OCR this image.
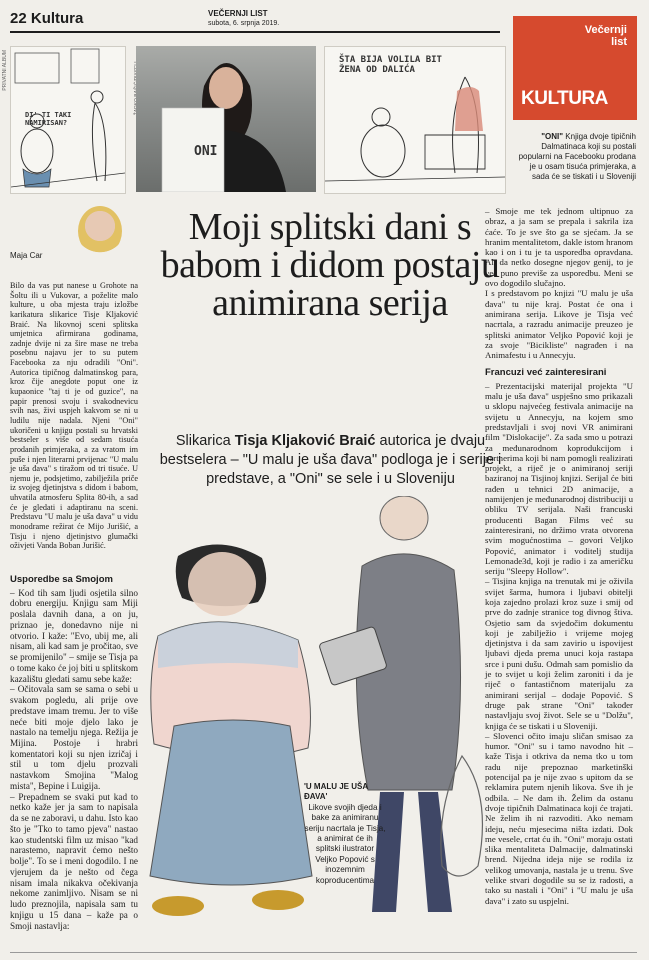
22 Kultura	VEČERNJI LIST
subota, 6. srpnja 2019.
Večernji list
KULTURA
PRIVATNI ALBUM
DI' TI TAKI NAMIRISAN?
ONI
ŠTA BIJA VOLILA BIT ŽENA OD DALIĆA
"ONI" Knjiga dvoje tipičnih Dalmatinaca koji su postali popularni na Facebooku prodana je u osam tisuća primjeraka, a sada će se tiskati i u Sloveniji
Maja Car
Moji splitski dani s babom i didom postaju animirana serija
Slikarica Tisja Kljaković Braić autorica je dvaju bestselera – "U malu je uša đava" podloga je i serije i predstave, a "Oni" se sele i u Sloveniju
'U MALU JE UŠA ĐAVA'
Likove svojih djeda i bake za animiranu seriju nacrtala je Tisja, a animirat će ih splitski ilustrator Veljko Popović s inozemnim koproducentima

Bilo da vas put nanese u Grohote na Šoltu ili u Vukovar, a poželite malo kulture, u oba mjesta traju izložbe karikatura slikarice Tisje Kljaković Braić. Na likovnoj sceni splitska umjetnica afirmirana godinama, zadnje dvije ni za šire mase ne treba posebnu najavu jer to su putem Facebooka za nju odradili "Oni". Autorica tipičnog dalmatinskog para, kroz čije anegdote poput one iz kupaonice "taj ti je od guzice", na papir prenosi svoju i svakodnevicu svih nas, živi uspjeh kakvom se ni u ludilu nije nadala. Njeni "Oni" ukoričeni u knjigu postali su hrvatski bestseler s više od sedam tisuća prodanih primjeraka, a za vratom im puše i njen literarni prvijenac "U malu je uša đava" s tiražom od tri tisuće. U njemu je, podsjetimo, zabilježila priče iz svojeg djetinjstva s didom i babom, uhvatila atmosferu Splita 80-ih, a sad će je gledati i adaptiranu na sceni. Predstavu "U malu je uša đava" u vidu monodrame režirat će Mijo Jurišić, a Tisju i njeno djetinjstvo glumački oživjeti Vanda Boban Jurišić.

Usporedbe sa Smojom

– Kod tih sam ljudi osjetila silno dobru energiju. Knjigu sam Miji poslala davnih dana, a on ju, priznao je, donedavno nije ni otvorio. I kaže: "Evo, ubij me, ali nisam, ali kad sam je pročitao, sve se promijenilo" – smije se Tisja pa o tome kako će joj biti u splitskom kazalištu gledati samu sebe kaže:

– Očitovala sam se sama o sebi u svakom pogledu, ali prije ove predstave imam tremu. Jer to više neće biti moje djelo lako je nastalo na temelju njega. Režija je Mijina. Postoje i hrabri komentatori koji su njen izričaj i stil u tom djelu prozvali nastavkom Smojina "Malog mista", Bepine i Luigija.

– Prepadnem se svaki put kad to netko kaže jer ja sam to napisala da se ne zaboravi, u dahu. Isto kao što je "Tko to tamo pjeva" nastao kao studentski film uz misao "kad narastemo, napravit ćemo nešto bolje". To se i meni dogodilo. I ne vjerujem da je nešto od čega nisam imala nikakva očekivanja nekome zanimljivo. Nisam se ni ludo preznojila, napisala sam tu knjigu u 15 dana – kaže pa o Smoji nastavlja:

– Smoje me tek jednom ultipnuo za obraz, a ja sam se prepala i sakrila iza ćaće. To je sve što ga se sjećam. Ja se hranim mentalitetom, dakle istom hranom kao i on i tu je ta usporedba opravdana. Ali da netko dosegne njegov genij, to je već puno previše za usporedbu. Meni se ovo dogodilo slučajno.

I s predstavom po knjizi "U malu je uša đava" tu nije kraj. Postat će ona i animirana serija. Likove je Tisja već nacrtala, a razradu animacije preuzeo je splitski animator Veljko Popović koji je za svoje "Bicikliste" nagrađen i na Animafestu i u Annecyju.

Francuzi već zainteresirani

– Prezentacijski materijal projekta "U malu je uša đava" uspješno smo prikazali u sklopu najvećeg festivala animacije na svijetu u Annecyju, na kojem smo predstavljali i svoj novi VR animirani film "Dislokacije". Za sada smo u potrazi za međunarodnom koprodukcijom i partnerima koji bi nam pomogli realizirati projekt, a riječ je o animiranoj seriji baziranoj na Tisjinoj knjizi. Serijal će biti rađen u tehnici 2D animacije, a namijenjen je međunarodnoj distribuciji u obliku TV serijala. Naši francuski producenti Bagan Films već su zainteresirani, no držimo vrata otvorena svim mogućnostima – govori Veljko Popović, animator i voditelj studija Lemonade3d, koji je radio i za američku seriju "Sleepy Hollow".

– Tisjina knjiga na trenutak mi je oživila svijet šarma, humora i ljubavi obitelji koja zajedno prolazi kroz suze i smij od prve do zadnje stranice tog divnog štiva. Osjetio sam da svjedočim dokumentu koji je zabilježio i vrijeme mojeg djetinjstva i da sam zavirio u ispovijest ljubavi djeda prema unuci koja rastapa srce i puni dušu. Odmah sam pomislio da je to svijet u koji želim zaroniti i da je riječ o fantastičnom materijalu za animirani serijal – dodaje Popović. S druge pak strane "Oni" također nastavljaju svoj život. Sele se u "Dolžu", knjiga će se tiskati i u Sloveniji.

– Slovenci očito imaju sličan smisao za humor. "Oni" su i tamo navodno hit – kaže Tisja i otkriva da nema tko u tom radu nije prepoznao marketinški potencijal pa je nije zvao s upitom da se reklamira putem njenih likova. Sve ih je odbila. – Ne dam ih. Želim da ostanu dvoje tipičnih Dalmatinaca koji će trajati. Ne želim ih ni razvoditi. Ako nemam ideju, neću mjesecima ništa izdati. Dok me vesele, crtat ću ih. "Oni" moraju ostati slika mentaliteta Dalmacije, dalmatinski brend. Nijedna ideja nije se rodila iz velikog umovanja, nastala je u trenu. Sve velike stvari dogodile su se iz radosti, a tako su nastali i "Oni" i "U malu je uša đava" i zato su uspjelni.
